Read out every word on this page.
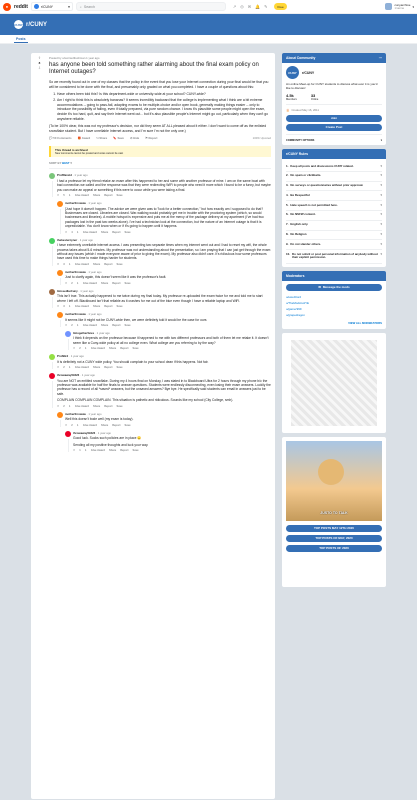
●	reddit	r/CUNY	▾	⌕ Search	↗ ◎ ✉ 🔔 ✎	Free	cunyarchive
1 karma	▾
CUNY r/CUNY
Posts
⇧
8
⇩
Posted by u/worriedfreshman 1 year ago
has anyone been told something rather alarming about the final exam policy on Internet outages?

So we recently found out in one of my classes that the policy in the event that you lose your Internet connection during your final would be that you will be considered to be done with the final, and presumably only graded on what you completed. I have a couple of questions about this:

1. Have others been told this? Is this department-wide or university-wide at your school? CUNY-wide?
2. Am I right to think this is absolutely bananas? It seems incredibly backward that the college is implementing what I think are a bit extreme accommodations -- going to pass-fail, adapting exams to be multiple-choice and/or open book, generally making things easier -- only to introduce the possibility of failing, even if totally prepared, via pure random chance. I know it's plausible some people might open the exam, decide it's too hard, quit, and say their Internet went out... but it's also plausible people's Internet might go out, particularly when they can't go anywhere reliable.

(To be 100% clear, this was not my professor's decision, nor did they seem AT ALL pleased about it either. I don't want to come off as the enlisted snowflake student. But I have unreliable Internet access, and I'm sure I'm not the only one.)

💬 50 Comments 🎁 Award ↪ Share 🔖 Save ⊘ Hide ⚑ Report	100% Upvoted
This thread is archived
New comments cannot be posted and votes cannot be cast
SORT BY BEST ▾
ProfRancid · 1 year ago

I had a professor let my friend retake an exam after this happened to her and some with another professor of mine. I am on the same boat with bad connection-we called and the response was that they were redirecting WiFi to people who need it more which I found to be a funny, but maybe you can make an appeal or something if this were to occur while you were taking a final.

⇧ 5 ⇩ Give Award Share Report Save
motherthrowaw · 1 year ago

[Just hope it doesn't happen. The advice we were given was to "look for a better connection," but how exactly am I supposed to do that? Businesses are closed. Libraries are closed. War-walking would probably get me in trouble with the proctoring system (which, so would businesses and libraries). A mobile hotspot is expensive and puts me at the mercy of the package delivery at my apartment (I've had two packages lost in the past two weeks alone). I've had a technician look at the connection, but the nature of an Internet outage is that it is unpredictable. You don't know when or if it's going to happen until it happens.

⇧ 4 ⇩ Give Award Share Report Save
thebesternyner · 1 year ago

I have extremely unreliable internet access. I was presenting two separate times when my internet went out and I had to reset my wifi, the whole process takes about 5-6 minutes. My professor was not understanding about the presentation, so I am praying that I can just get through the exam without any issues (which I made everyone aware of prior to giving the exam). My professor also didn't care. It's ridiculous how some professors have used this time to make things harder for students.

⇧ 3 ⇩ Give Award Share Report Save
motherthrowaw · 1 year ago

Just to clarify again, this doesn't seem like it was the professor's fault.

⇧ 2 ⇩ Give Award Share Report Save
ImissedbeCuny · 1 year ago

This isn't true. This actually happened to me twice during my final today. My professor re-uploaded the exam twice for me and told me to start where I left off. Blackboard isn't that reliable as it crashes for me out of the blue even though I have a reliable laptop and WiFi.

⇧ 3 ⇩ Give Award Share Report Save
motherthrowaw · 1 year ago

It seems like it might not be CUNY-wide then, we were definitely told it would be the case for ours

⇧ 2 ⇩ Give Award Share Report Save
Imtogetherfares · 1 year ago

I think it depends on the professor because it happened to me with two different professors and both of them let me retake it. It doesn't seem like a Cuny-wide policy at all no college even. What college are you referring to by the way?

⇧ 2 ⇩ Give Award Share Report Save
ProfBird · 1 year ago

It is definitely not a CUNY wide policy. You should complain to your school dean if this happens. Not fair.

⇧ 2 ⇩ Give Award Share Report Save
throwaway09423 · 1 year ago

You are NOT an entitled snowflake. During my 4 hours final on Monday, I was stated in to Blackboard Ultra for 2 hours through my phone b/c the professor was available for half the finals to answer questions. Students were endlessly disconnecting, even losing their exam answers. Luckily the professor has a record of all *saved* answers, but the unsaved answers? Bye bye. He specifically said students can email in answers just to be safe.

COMPLAIN COMPLAIN COMPLAIN. This situation is pathetic and ridiculous. Sounds like my school (City College, smh).

⇧ 2 ⇩ Give Award Share Report Save
motherthrowaw · 1 year ago

Well this doesn't bode well (my exam is today).

⇧ 2 ⇩ Give Award Share Report Save
throwaway09423 · 1 year ago

Good luck. Sucks such policies are in place 😞

Sending all my positive thoughts and luck your way.

⇧ 1 ⇩ Give Award Share Report Save
About Community	⋯
CUNY	r/CUNY
An online Meet-up for CUNY students to discuss what ever it is you'd like to discuss!
4.5k
Members
33
Online
🎂 Created May 16, 2011
Join
Create Post
COMMUNITY OPTIONS	▾
r/CUNY Rules
1. Keep all posts and discussions CUNY related.	▾
2. No spam or clickbaits.	▾
3. No surveys or questionnaires without prior approval.	▾
4. Be Respectful	▾
5. Hate speech is not permitted here.	▾
6. No NSFW content.	▾
7. English only.	▾
8. No Religion	▾
9. Do not slander others.	▾
10. Do not solicit or post personal information of anybody without their explicit permission.
▾
Moderators
✉ Message the mods
u/ewerblord
u/TheModsGofYE
u/gamer999
u/grapedragon
VIEW ALL MODERATORS
JUSTO TO TALK
TOP POSTS MAY 12TH 2020
TOP POSTS OF MAY, 2020
TOP POSTS OF 2020
